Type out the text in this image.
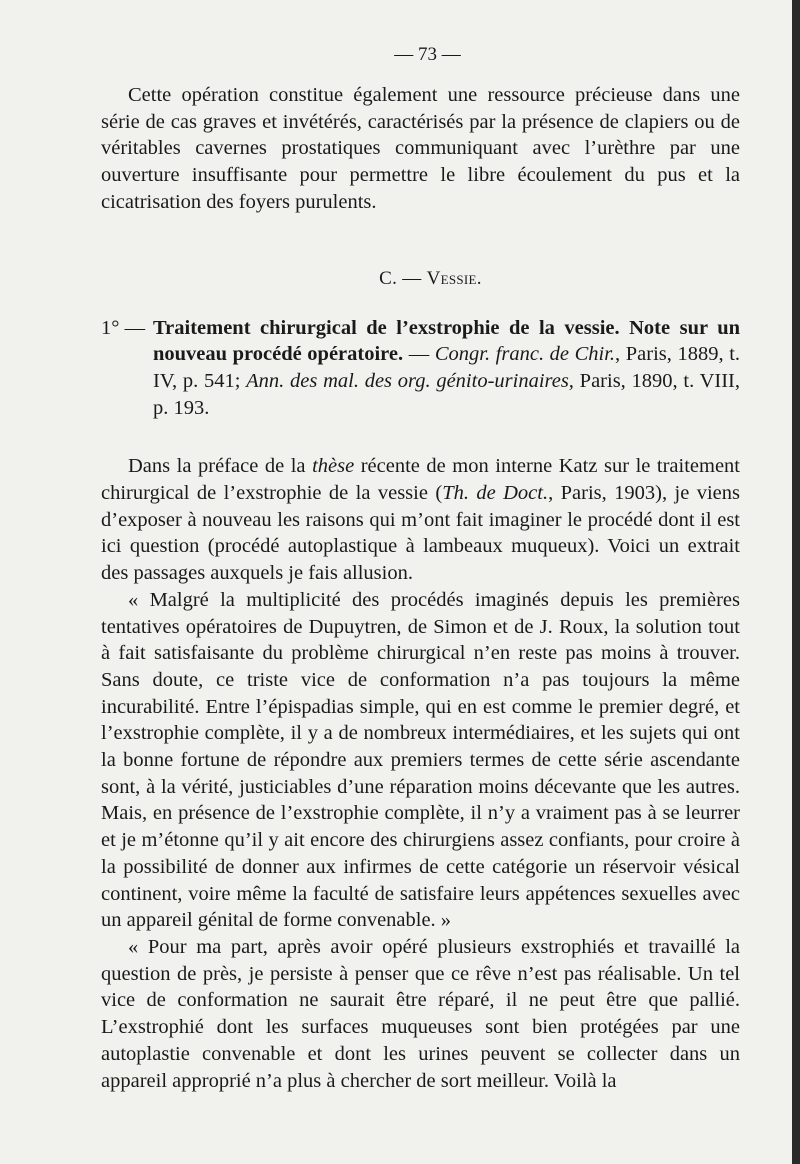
— 73 —

Cette opération constitue également une ressource précieuse dans une série de cas graves et invétérés, caractérisés par la présence de clapiers ou de véritables cavernes prostatiques communiquant avec l’urèthre par une ouverture insuffisante pour permettre le libre écoulement du pus et la cicatrisation des foyers purulents.

C. — Vessie.
1° — Traitement chirurgical de l’exstrophie de la vessie. Note sur un nouveau procédé opératoire. — Congr. franc. de Chir., Paris, 1889, t. IV, p. 541; Ann. des mal. des org. génito-urinaires, Paris, 1890, t. VIII, p. 193.

Dans la préface de la thèse récente de mon interne Katz sur le traitement chirurgical de l’exstrophie de la vessie (Th. de Doct., Paris, 1903), je viens d’exposer à nouveau les raisons qui m’ont fait imaginer le procédé dont il est ici question (procédé autoplastique à lambeaux muqueux). Voici un extrait des passages auxquels je fais allusion.

« Malgré la multiplicité des procédés imaginés depuis les premières tentatives opératoires de Dupuytren, de Simon et de J. Roux, la solution tout à fait satisfaisante du problème chirurgical n’en reste pas moins à trouver. Sans doute, ce triste vice de conformation n’a pas toujours la même incurabilité. Entre l’épispadias simple, qui en est comme le premier degré, et l’exstrophie complète, il y a de nombreux intermédiaires, et les sujets qui ont la bonne fortune de répondre aux premiers termes de cette série ascendante sont, à la vérité, justiciables d’une réparation moins décevante que les autres. Mais, en présence de l’exstrophie complète, il n’y a vraiment pas à se leurrer et je m’étonne qu’il y ait encore des chirurgiens assez confiants, pour croire à la possibilité de donner aux infirmes de cette catégorie un réservoir vésical continent, voire même la faculté de satisfaire leurs appétences sexuelles avec un appareil génital de forme convenable. »

« Pour ma part, après avoir opéré plusieurs exstrophiés et travaillé la question de près, je persiste à penser que ce rêve n’est pas réalisable. Un tel vice de conformation ne saurait être réparé, il ne peut être que pallié. L’exstrophié dont les surfaces muqueuses sont bien protégées par une autoplastie convenable et dont les urines peuvent se collecter dans un appareil approprié n’a plus à chercher de sort meilleur. Voilà la
